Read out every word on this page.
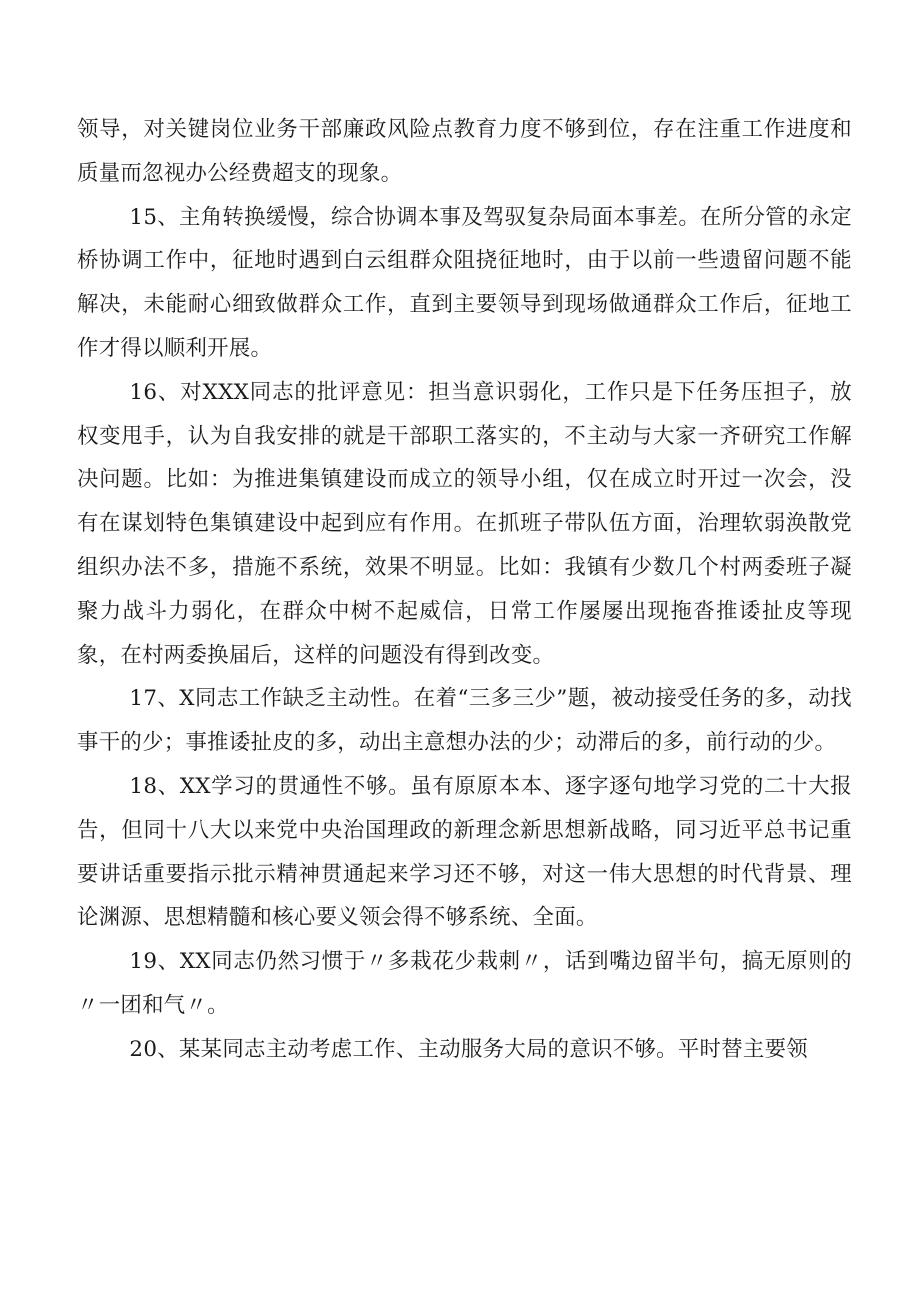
领导，对关键岗位业务干部廉政风险点教育力度不够到位，存在注重工作进度和质量而忽视办公经费超支的现象。

15、主角转换缓慢，综合协调本事及驾驭复杂局面本事差。在所分管的永定桥协调工作中，征地时遇到白云组群众阻挠征地时，由于以前一些遗留问题不能解决，未能耐心细致做群众工作，直到主要领导到现场做通群众工作后，征地工作才得以顺利开展。

16、对XXX同志的批评意见：担当意识弱化，工作只是下任务压担子，放权变甩手，认为自我安排的就是干部职工落实的，不主动与大家一齐研究工作解决问题。比如：为推进集镇建设而成立的领导小组，仅在成立时开过一次会，没有在谋划特色集镇建设中起到应有作用。在抓班子带队伍方面，治理软弱涣散党组织办法不多，措施不系统，效果不明显。比如：我镇有少数几个村两委班子凝聚力战斗力弱化，在群众中树不起威信，日常工作屡屡出现拖沓推诿扯皮等现象，在村两委换届后，这样的问题没有得到改变。

17、X同志工作缺乏主动性。在着“三多三少”题，被动接受任务的多，动找事干的少；事推诿扯皮的多，动出主意想办法的少；动滞后的多，前行动的少。

18、XX学习的贯通性不够。虽有原原本本、逐字逐句地学习党的二十大报告，但同十八大以来党中央治国理政的新理念新思想新战略，同习近平总书记重要讲话重要指示批示精神贯通起来学习还不够，对这一伟大思想的时代背景、理论渊源、思想精髓和核心要义领会得不够系统、全面。

19、XX同志仍然习惯于〃多栽花少栽刺〃，话到嘴边留半句，搞无原则的〃一团和气〃。

20、某某同志主动考虑工作、主动服务大局的意识不够。平时替主要领
